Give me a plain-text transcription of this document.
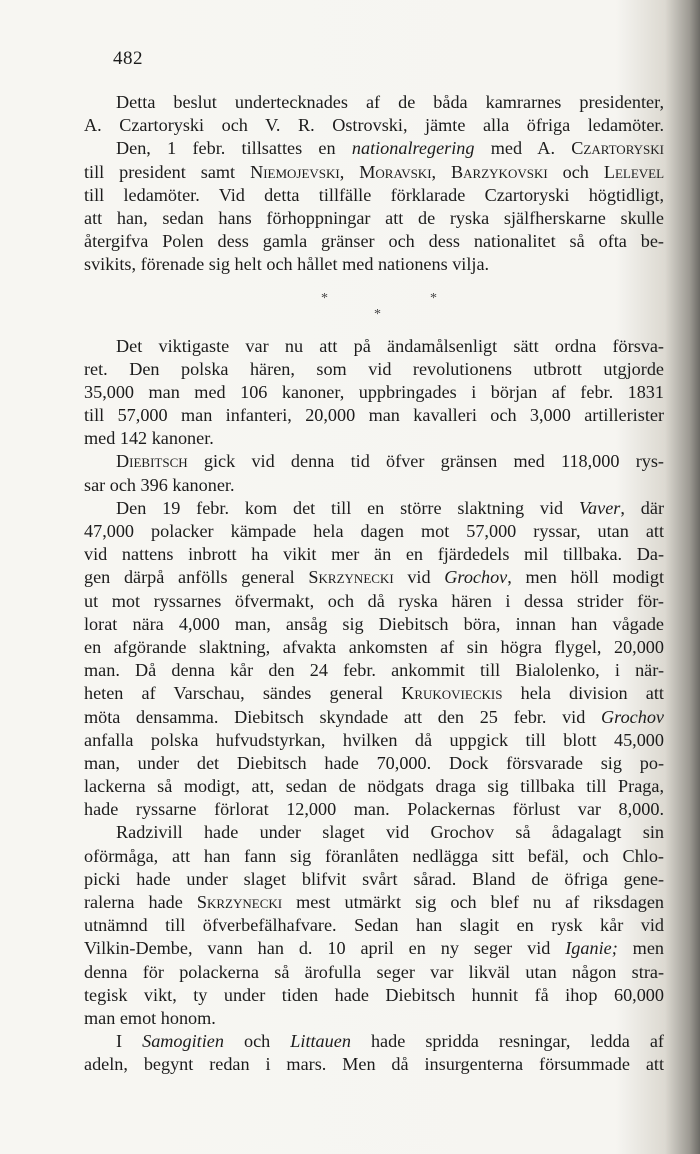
482
Detta beslut undertecknades af de båda kamrarnes presidenter,
A. Czartoryski och V. R. Ostrovski, jämte alla öfriga ledamöter.
Den, 1 febr. tillsattes en nationalregering med A. Czartoryski
till president samt Niemojevski, Moravski, Barzykovski och Lelevel
till ledamöter. Vid detta tillfälle förklarade Czartoryski högtidligt,
att han, sedan hans förhoppningar att de ryska själfherskarne skulle
återgifva Polen dess gamla gränser och dess nationalitet så ofta be-
svikits, förenade sig helt och hållet med nationens vilja.
*	*
*
Det viktigaste var nu att på ändamålsenligt sätt ordna försva-
ret. Den polska hären, som vid revolutionens utbrott utgjorde
35,000 man med 106 kanoner, uppbringades i början af febr. 1831
till 57,000 man infanteri, 20,000 man kavalleri och 3,000 artillerister
med 142 kanoner.
Diebitsch gick vid denna tid öfver gränsen med 118,000 rys-
sar och 396 kanoner.
Den 19 febr. kom det till en större slaktning vid Vaver, där
47,000 polacker kämpade hela dagen mot 57,000 ryssar, utan att
vid nattens inbrott ha vikit mer än en fjärdedels mil tillbaka. Da-
gen därpå anfölls general Skrzynecki vid Grochov, men höll modigt
ut mot ryssarnes öfvermakt, och då ryska hären i dessa strider för-
lorat nära 4,000 man, ansåg sig Diebitsch böra, innan han vågade
en afgörande slaktning, afvakta ankomsten af sin högra flygel, 20,000
man. Då denna kår den 24 febr. ankommit till Bialolenko, i när-
heten af Varschau, sändes general Krukovieckis hela division att
möta densamma. Diebitsch skyndade att den 25 febr. vid Grochov
anfalla polska hufvudstyrkan, hvilken då uppgick till blott 45,000
man, under det Diebitsch hade 70,000. Dock försvarade sig po-
lackerna så modigt, att, sedan de nödgats draga sig tillbaka till Praga,
hade ryssarne förlorat 12,000 man. Polackernas förlust var 8,000.
Radzivill hade under slaget vid Grochov så ådagalagt sin
oförmåga, att han fann sig föranlåten nedlägga sitt befäl, och Chlo-
picki hade under slaget blifvit svårt sårad. Bland de öfriga gene-
ralerna hade Skrzynecki mest utmärkt sig och blef nu af riksdagen
utnämnd till öfverbefälhafvare. Sedan han slagit en rysk kår vid
Vilkin-Dembe, vann han d. 10 april en ny seger vid Iganie; men
denna för polackerna så ärofulla seger var likväl utan någon stra-
tegisk vikt, ty under tiden hade Diebitsch hunnit få ihop 60,000
man emot honom.
I Samogitien och Littauen hade spridda resningar, ledda af
adeln, begynt redan i mars. Men då insurgenterna försummade att
